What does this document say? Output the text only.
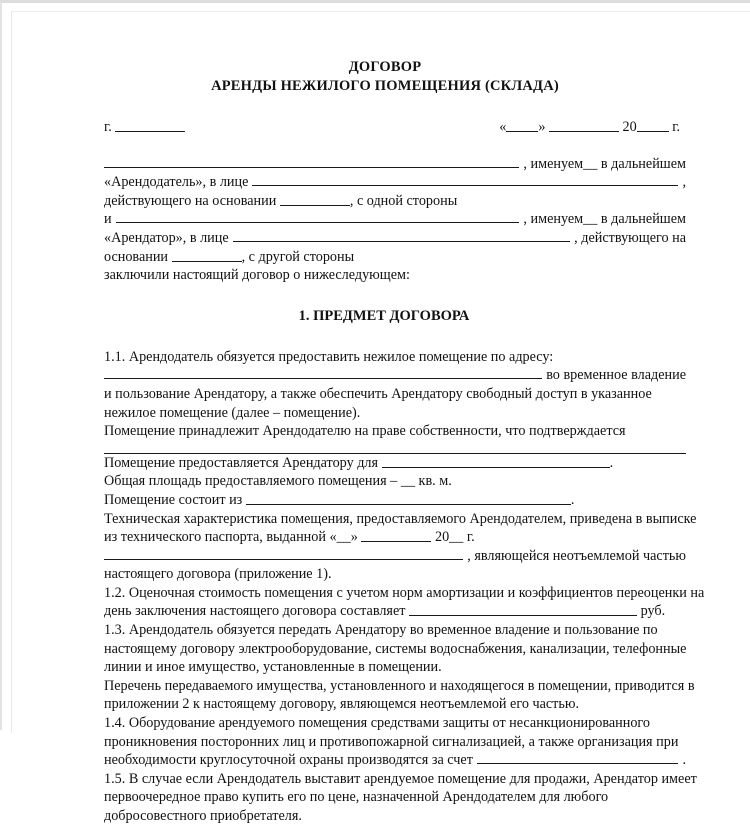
ДОГОВОР
АРЕНДЫ НЕЖИЛОГО ПОМЕЩЕНИЯ (СКЛАДА)
г.	« »	20	г.
, именуем__ в дальнейшем
«Арендодатель», в лице	,
действующего на основании	, с одной стороны
и	, именуем__ в дальнейшем
«Арендатор», в лице	, действующего на
основании	, с другой стороны
заключили настоящий договор о нижеследующем:
1. ПРЕДМЕТ ДОГОВОРА
1.1. Арендодатель обязуется предоставить нежилое помещение по адресу:
во временное владение
и пользование Арендатору, а также обеспечить Арендатору свободный доступ в указанное
нежилое помещение (далее – помещение).
Помещение принадлежит Арендодателю на праве собственности, что подтверждается
Помещение предоставляется Арендатору для	.
Общая площадь предоставляемого помещения – __ кв. м.
Помещение состоит из	.
Техническая характеристика помещения, предоставляемого Арендодателем, приведена в выписке
из технического паспорта, выданной «__»	20__ г.
, являющейся неотъемлемой частью
настоящего договора (приложение 1).
1.2. Оценочная стоимость помещения с учетом норм амортизации и коэффициентов переоценки на
день заключения настоящего договора составляет	руб.
1.3. Арендодатель обязуется передать Арендатору во временное владение и пользование по
настоящему договору электрооборудование, системы водоснабжения, канализации, телефонные
линии и иное имущество, установленные в помещении.
Перечень передаваемого имущества, установленного и находящегося в помещении, приводится в
приложении 2 к настоящему договору, являющемся неотъемлемой его частью.
1.4. Оборудование арендуемого помещения средствами защиты от несанкционированного
проникновения посторонних лиц и противопожарной сигнализацией, а также организация при
необходимости круглосуточной охраны производятся за счет	.
1.5. В случае если Арендодатель выставит арендуемое помещение для продажи, Арендатор имеет
первоочередное право купить его по цене, назначенной Арендодателем для любого
добросовестного приобретателя.
